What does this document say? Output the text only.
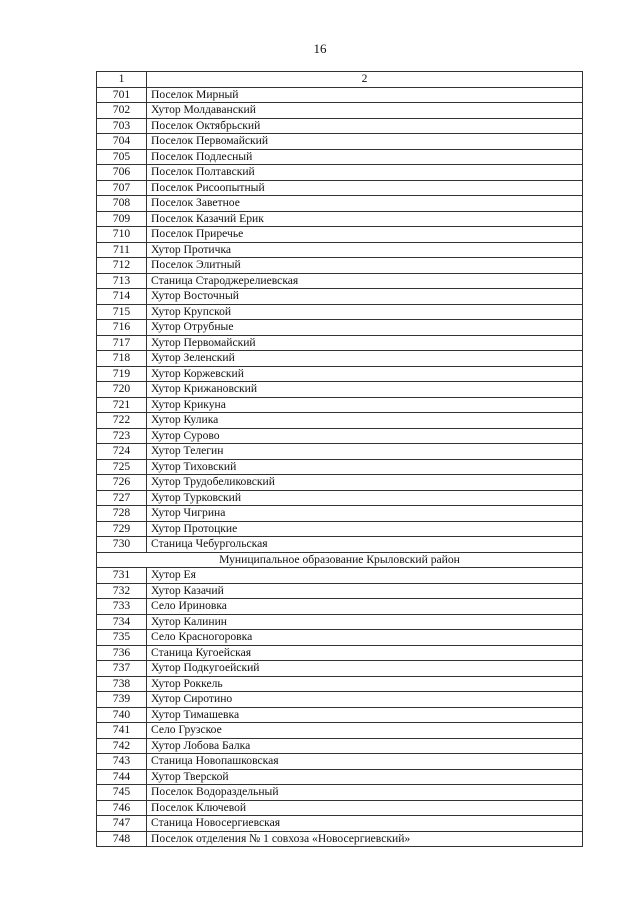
16
1	2
701	Поселок Мирный
702	Хутор Молдаванский
703	Поселок Октябрьский
704	Поселок Первомайский
705	Поселок Подлесный
706	Поселок Полтавский
707	Поселок Рисоопытный
708	Поселок Заветное
709	Поселок Казачий Ерик
710	Поселок Приречье
711	Хутор Протичка
712	Поселок Элитный
713	Станица Староджерелиевская
714	Хутор Восточный
715	Хутор Крупской
716	Хутор Отрубные
717	Хутор Первомайский
718	Хутор Зеленский
719	Хутор Коржевский
720	Хутор Крижановский
721	Хутор Крикуна
722	Хутор Кулика
723	Хутор Сурово
724	Хутор Телегин
725	Хутор Тиховский
726	Хутор Трудобеликовский
727	Хутор Турковский
728	Хутор Чигрина
729	Хутор Протоцкие
730	Станица Чебургольская
Муниципальное образование Крыловский район	
731	Хутор Ея
732	Хутор Казачий
733	Село Ириновка
734	Хутор Калинин
735	Село Красногоровка
736	Станица Кугоейская
737	Хутор Подкугоейский
738	Хутор Роккель
739	Хутор Сиротино
740	Хутор Тимашевка
741	Село Грузское
742	Хутор Лобова Балка
743	Станица Новопашковская
744	Хутор Тверской
745	Поселок Водораздельный
746	Поселок Ключевой
747	Станица Новосергиевская
748	Поселок отделения № 1 совхоза «Новосергиевский»
